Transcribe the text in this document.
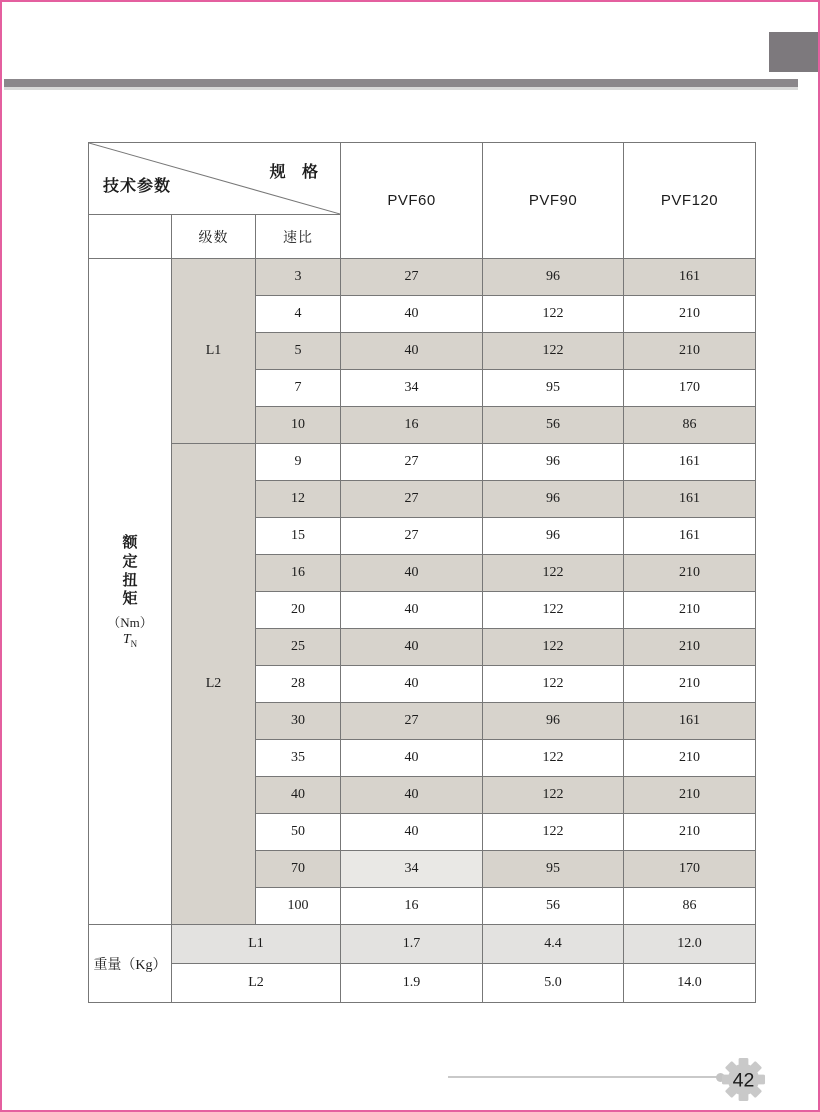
规 格
技术参数			PVF60	PVF90	PVF120
	级数	速比			

额
定
扭
矩
（Nm）
$T_N$
	L1	3	27	96	161
		4	40	122	210
		5	40	122	210
		7	34	95	170
		10	16	56	86
	L2	9	27	96	161
		12	27	96	161
		15	27	96	161
		16	40	122	210
		20	40	122	210
		25	40	122	210
		28	40	122	210
		30	27	96	161
		35	40	122	210
		40	40	122	210
		50	40	122	210
		70	34	95	170
		100	16	56	86
重量（Kg）	L1		1.7	4.4	12.0
	L2		1.9	5.0	14.0
42
